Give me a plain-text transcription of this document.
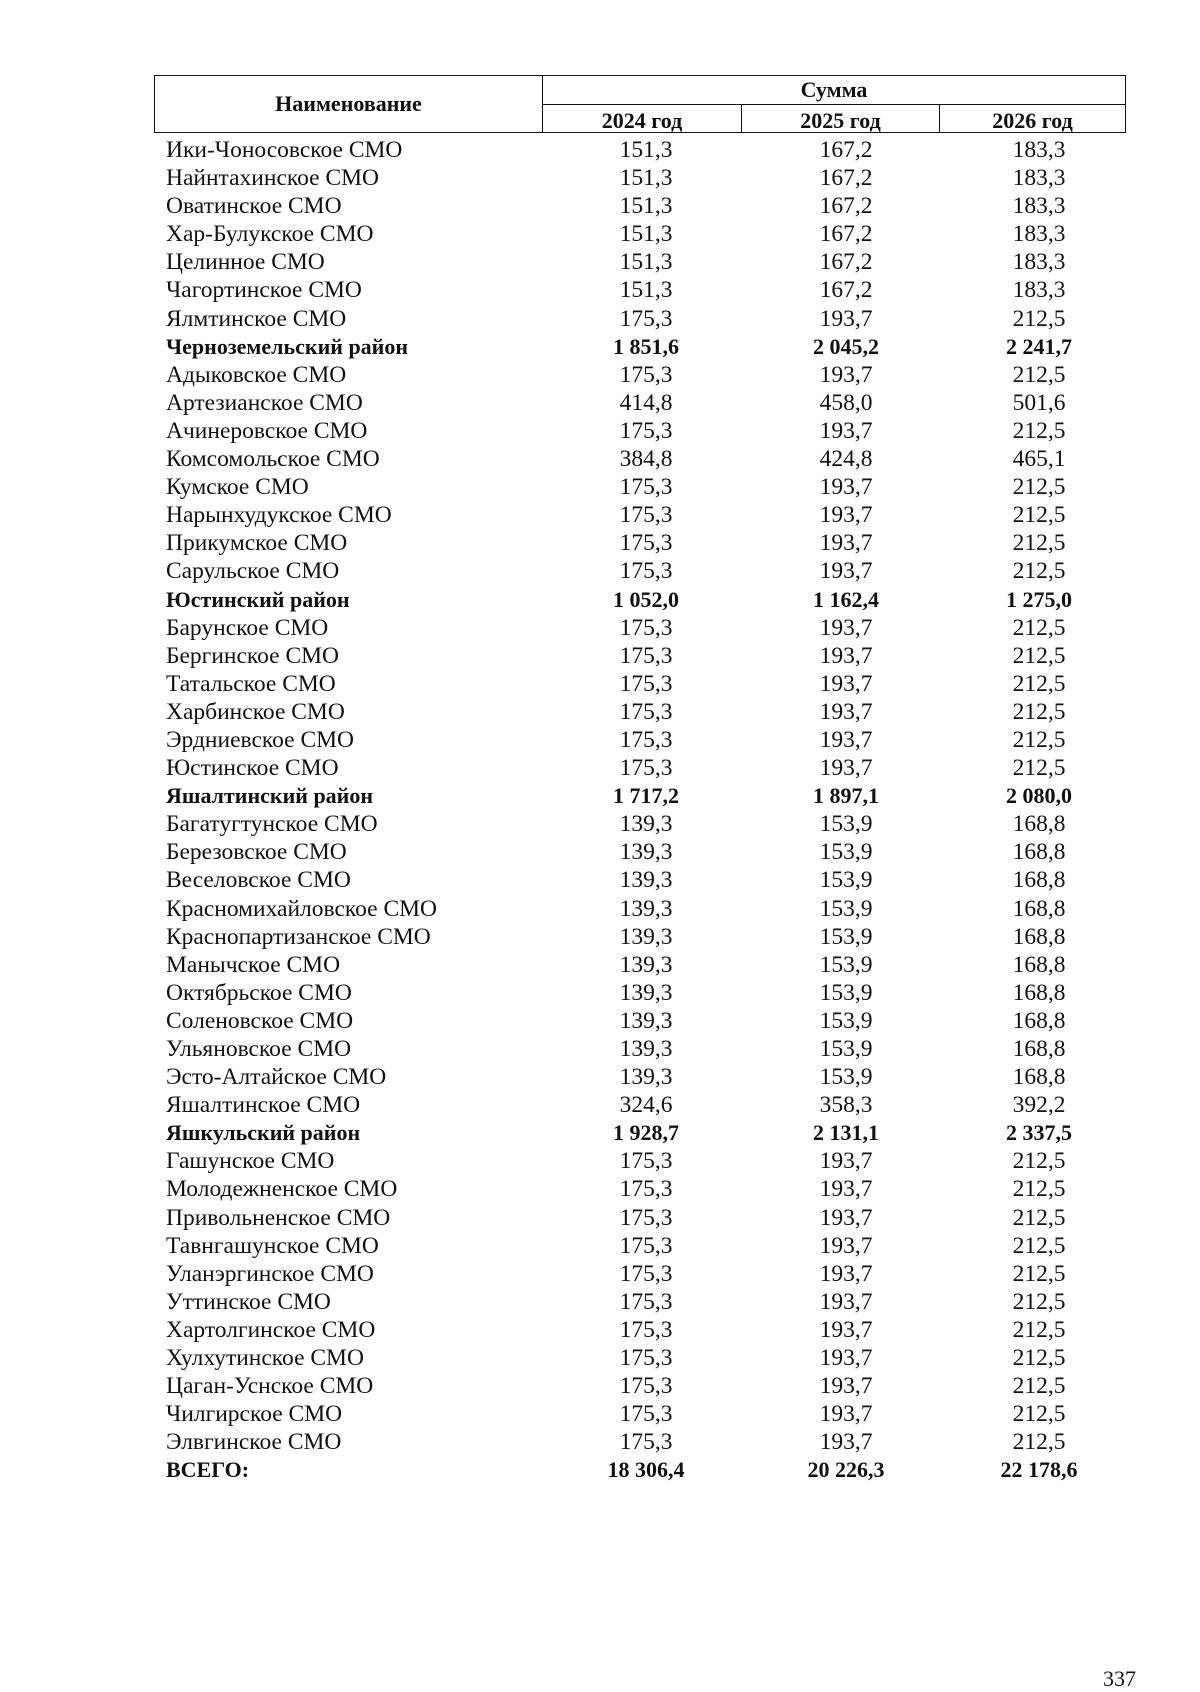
Наименование
Сумма
2024 год	2025 год	2026 год
Ики-Чоносовское СМО	151,3	167,2	183,3
Найнтахинское СМО	151,3	167,2	183,3
Оватинское СМО	151,3	167,2	183,3
Хар-Булукское СМО	151,3	167,2	183,3
Целинное СМО	151,3	167,2	183,3
Чагортинское СМО	151,3	167,2	183,3
Ялмтинское СМО	175,3	193,7	212,5
Черноземельский район	1 851,6	2 045,2	2 241,7
Адыковское СМО	175,3	193,7	212,5
Артезианское СМО	414,8	458,0	501,6
Ачинеровское СМО	175,3	193,7	212,5
Комсомольское СМО	384,8	424,8	465,1
Кумское СМО	175,3	193,7	212,5
Нарынхудукское СМО	175,3	193,7	212,5
Прикумское СМО	175,3	193,7	212,5
Сарульское СМО	175,3	193,7	212,5
Юстинский район	1 052,0	1 162,4	1 275,0
Барунское СМО	175,3	193,7	212,5
Бергинское СМО	175,3	193,7	212,5
Татальское СМО	175,3	193,7	212,5
Харбинское СМО	175,3	193,7	212,5
Эрдниевское СМО	175,3	193,7	212,5
Юстинское СМО	175,3	193,7	212,5
Яшалтинский район	1 717,2	1 897,1	2 080,0
Багатугтунское СМО	139,3	153,9	168,8
Березовское СМО	139,3	153,9	168,8
Веселовское СМО	139,3	153,9	168,8
Красномихайловское СМО	139,3	153,9	168,8
Краснопартизанское СМО	139,3	153,9	168,8
Манычское СМО	139,3	153,9	168,8
Октябрьское СМО	139,3	153,9	168,8
Соленовское СМО	139,3	153,9	168,8
Ульяновское СМО	139,3	153,9	168,8
Эсто-Алтайское СМО	139,3	153,9	168,8
Яшалтинское СМО	324,6	358,3	392,2
Яшкульский район	1 928,7	2 131,1	2 337,5
Гашунское СМО	175,3	193,7	212,5
Молодежненское СМО	175,3	193,7	212,5
Привольненское СМО	175,3	193,7	212,5
Тавнгашунское СМО	175,3	193,7	212,5
Уланэргинское СМО	175,3	193,7	212,5
Уттинское СМО	175,3	193,7	212,5
Хартолгинское СМО	175,3	193,7	212,5
Хулхутинское СМО	175,3	193,7	212,5
Цаган-Уснское СМО	175,3	193,7	212,5
Чилгирское СМО	175,3	193,7	212,5
Элвгинское СМО	175,3	193,7	212,5
ВСЕГО:	18 306,4	20 226,3	22 178,6
337
